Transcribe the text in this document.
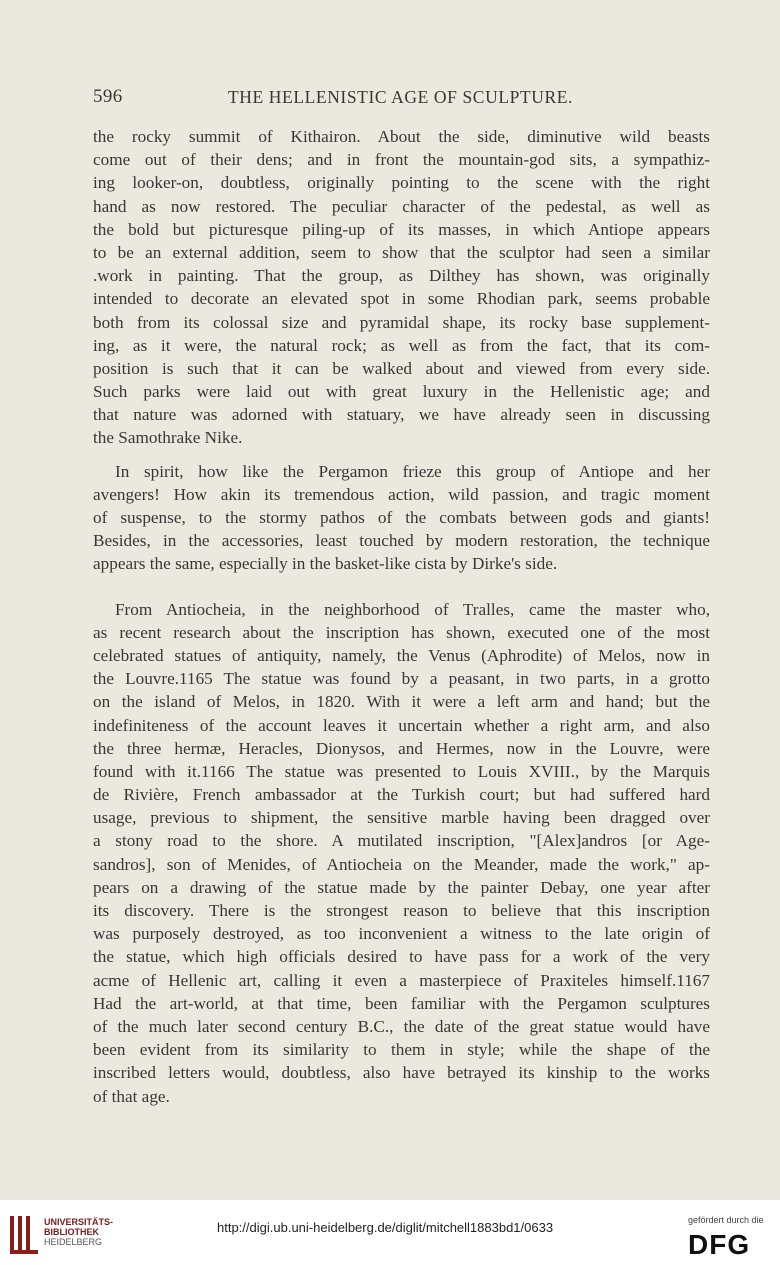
596	THE HELLENISTIC AGE OF SCULPTURE.
the rocky summit of Kithairon. About the side, diminutive wild beasts
come out of their dens; and in front the mountain-god sits, a sympathiz-
ing looker-on, doubtless, originally pointing to the scene with the right
hand as now restored. The peculiar character of the pedestal, as well as
the bold but picturesque piling-up of its masses, in which Antiope appears
to be an external addition, seem to show that the sculptor had seen a similar
.work in painting. That the group, as Dilthey has shown, was originally
intended to decorate an elevated spot in some Rhodian park, seems probable
both from its colossal size and pyramidal shape, its rocky base supplement-
ing, as it were, the natural rock; as well as from the fact, that its com-
position is such that it can be walked about and viewed from every side.
Such parks were laid out with great luxury in the Hellenistic age; and
that nature was adorned with statuary, we have already seen in discussing
the Samothrake Nike.
In spirit, how like the Pergamon frieze this group of Antiope and her
avengers! How akin its tremendous action, wild passion, and tragic moment
of suspense, to the stormy pathos of the combats between gods and giants!
Besides, in the accessories, least touched by modern restoration, the technique
appears the same, especially in the basket-like cista by Dirke's side.
From Antiocheia, in the neighborhood of Tralles, came the master who,
as recent research about the inscription has shown, executed one of the most
celebrated statues of antiquity, namely, the Venus (Aphrodite) of Melos, now in
the Louvre.1165 The statue was found by a peasant, in two parts, in a grotto
on the island of Melos, in 1820. With it were a left arm and hand; but the
indefiniteness of the account leaves it uncertain whether a right arm, and also
the three hermæ, Heracles, Dionysos, and Hermes, now in the Louvre, were
found with it.1166 The statue was presented to Louis XVIII., by the Marquis
de Rivière, French ambassador at the Turkish court; but had suffered hard
usage, previous to shipment, the sensitive marble having been dragged over
a stony road to the shore. A mutilated inscription, "[Alex]andros [or Age-
sandros], son of Menides, of Antiocheia on the Meander, made the work," ap-
pears on a drawing of the statue made by the painter Debay, one year after
its discovery. There is the strongest reason to believe that this inscription
was purposely destroyed, as too inconvenient a witness to the late origin of
the statue, which high officials desired to have pass for a work of the very
acme of Hellenic art, calling it even a masterpiece of Praxiteles himself.1167
Had the art-world, at that time, been familiar with the Pergamon sculptures
of the much later second century B.C., the date of the great statue would have
been evident from its similarity to them in style; while the shape of the
inscribed letters would, doubtless, also have betrayed its kinship to the works
of that age.
UNIVERSITÄTS-
BIBLIOTHEK
HEIDELBERG
http://digi.ub.uni-heidelberg.de/diglit/mitchell1883bd1/0633	gefördert durch die
DFG
